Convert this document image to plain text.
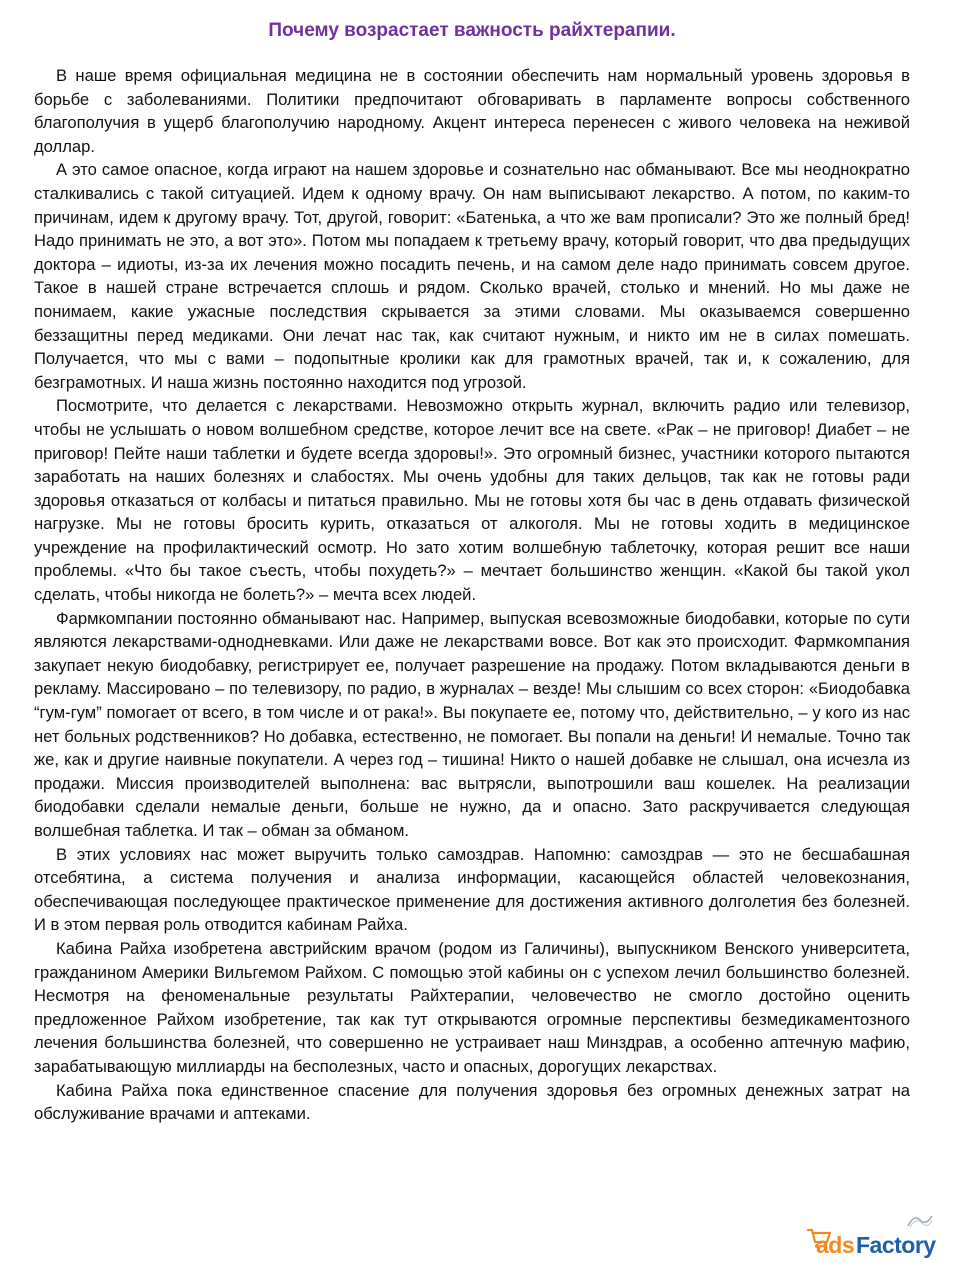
Почему возрастает важность райхтерапии.

В наше время официальная медицина не в состоянии обеспечить нам нормальный уровень здоровья в борьбе с заболеваниями. Политики предпочитают обговаривать в парламенте вопросы собственного благополучия в ущерб благополучию народному. Акцент интереса перенесен с живого человека на неживой доллар.

А это самое опасное, когда играют на нашем здоровье и сознательно нас обманывают. Все мы неоднократно сталкивались с такой ситуацией. Идем к одному врачу. Он нам выписывают лекарство. А потом, по каким-то причинам, идем к другому врачу. Тот, другой, говорит: «Батенька, а что же вам прописали? Это же полный бред! Надо принимать не это, а вот это». Потом мы попадаем к третьему врачу, который говорит, что два предыдущих доктора – идиоты, из-за их лечения можно посадить печень, и на самом деле надо принимать совсем другое. Такое в нашей стране встречается сплошь и рядом. Сколько врачей, столько и мнений. Но мы даже не понимаем, какие ужасные последствия скрывается за этими словами. Мы оказываемся совершенно беззащитны перед медиками. Они лечат нас так, как считают нужным, и никто им не в силах помешать. Получается, что мы с вами – подопытные кролики как для грамотных врачей, так и, к сожалению, для безграмотных. И наша жизнь постоянно находится под угрозой.

Посмотрите, что делается с лекарствами. Невозможно открыть журнал, включить радио или телевизор, чтобы не услышать о новом волшебном средстве, которое лечит все на свете. «Рак – не приговор! Диабет – не приговор! Пейте наши таблетки и будете всегда здоровы!». Это огромный бизнес, участники которого пытаются заработать на наших болезнях и слабостях. Мы очень удобны для таких дельцов, так как не готовы ради здоровья отказаться от колбасы и питаться правильно. Мы не готовы хотя бы час в день отдавать физической нагрузке. Мы не готовы бросить курить, отказаться от алкоголя. Мы не готовы ходить в медицинское учреждение на профилактический осмотр. Но зато хотим волшебную таблеточку, которая решит все наши проблемы. «Что бы такое съесть, чтобы похудеть?» – мечтает большинство женщин. «Какой бы такой укол сделать, чтобы никогда не болеть?» – мечта всех людей.

Фармкомпании постоянно обманывают нас. Например, выпуская всевозможные биодобавки, которые по сути являются лекарствами-однодневками. Или даже не лекарствами вовсе. Вот как это происходит. Фармкомпания закупает некую биодобавку, регистрирует ее, получает разрешение на продажу. Потом вкладываются деньги в рекламу. Массировано – по телевизору, по радио, в журналах – везде! Мы слышим со всех сторон: «Биодобавка “гум-гум” помогает от всего, в том числе и от рака!». Вы покупаете ее, потому что, действительно, – у кого из нас нет больных родственников? Но добавка, естественно, не помогает. Вы попали на деньги! И немалые. Точно так же, как и другие наивные покупатели. А через год – тишина! Никто о нашей добавке не слышал, она исчезла из продажи. Миссия производителей выполнена: вас вытрясли, выпотрошили ваш кошелек. На реализации биодобавки сделали немалые деньги, больше не нужно, да и опасно. Зато раскручивается следующая волшебная таблетка. И так – обман за обманом.

В этих условиях нас может выручить только самоздрав. Напомню: самоздрав — это не бесшабашная отсебятина, а система получения и анализа информации, касающейся областей человекознания, обеспечивающая последующее практическое применение для достижения активного долголетия без болезней. И в этом первая роль отводится кабинам Райха.

Кабина Райха изобретена австрийским врачом (родом из Галичины), выпускником Венского университета, гражданином Америки Вильгемом Райхом. С помощью этой кабины он с успехом лечил большинство болезней. Несмотря на феноменальные результаты Райхтерапии, человечество не смогло достойно оценить предложенное Райхом изобретение, так как тут открываются огромные перспективы безмедикаментозного лечения большинства болезней, что совершенно не устраивает наш Минздрав, а особенно аптечную мафию, зарабатывающую миллиарды на бесполезных, часто и опасных, дорогущих лекарствах.

Кабина Райха пока единственное спасение для получения здоровья без огромных денежных затрат на обслуживание врачами и аптеками.

ads Factory
